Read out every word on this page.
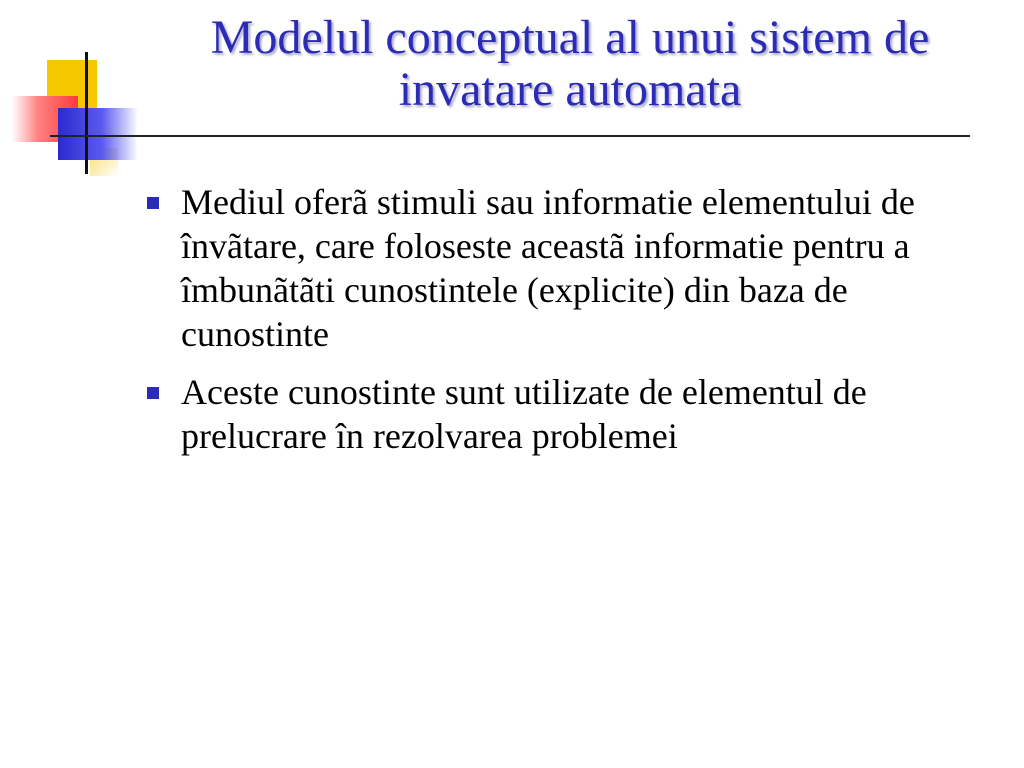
Modelul conceptual al unui sistem de invatare automata
Mediul oferã stimuli sau informatie elementului de învãtare, care foloseste aceastã informatie pentru a îmbunãtãti cunostintele (explicite) din baza de cunostinte
Aceste cunostinte sunt utilizate de elementul de prelucrare în rezolvarea problemei
